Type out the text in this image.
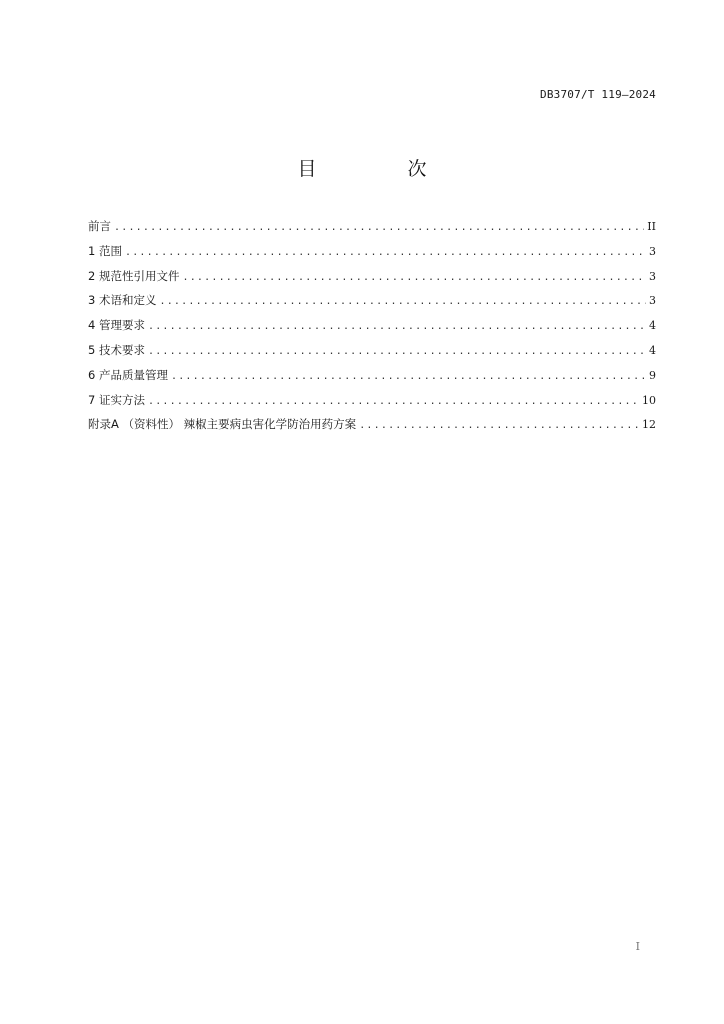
DB3707/T 119—2024
目　次
前言 .....	II
1 范围 .....	3
2 规范性引用文件 .....	3
3 术语和定义 .....	3
4 管理要求 .....	4
5 技术要求 .....	4
6 产品质量管理 .....	9
7 证实方法 .....	10
附录A （资料性） 辣椒主要病虫害化学防治用药方案 .....	12
I
